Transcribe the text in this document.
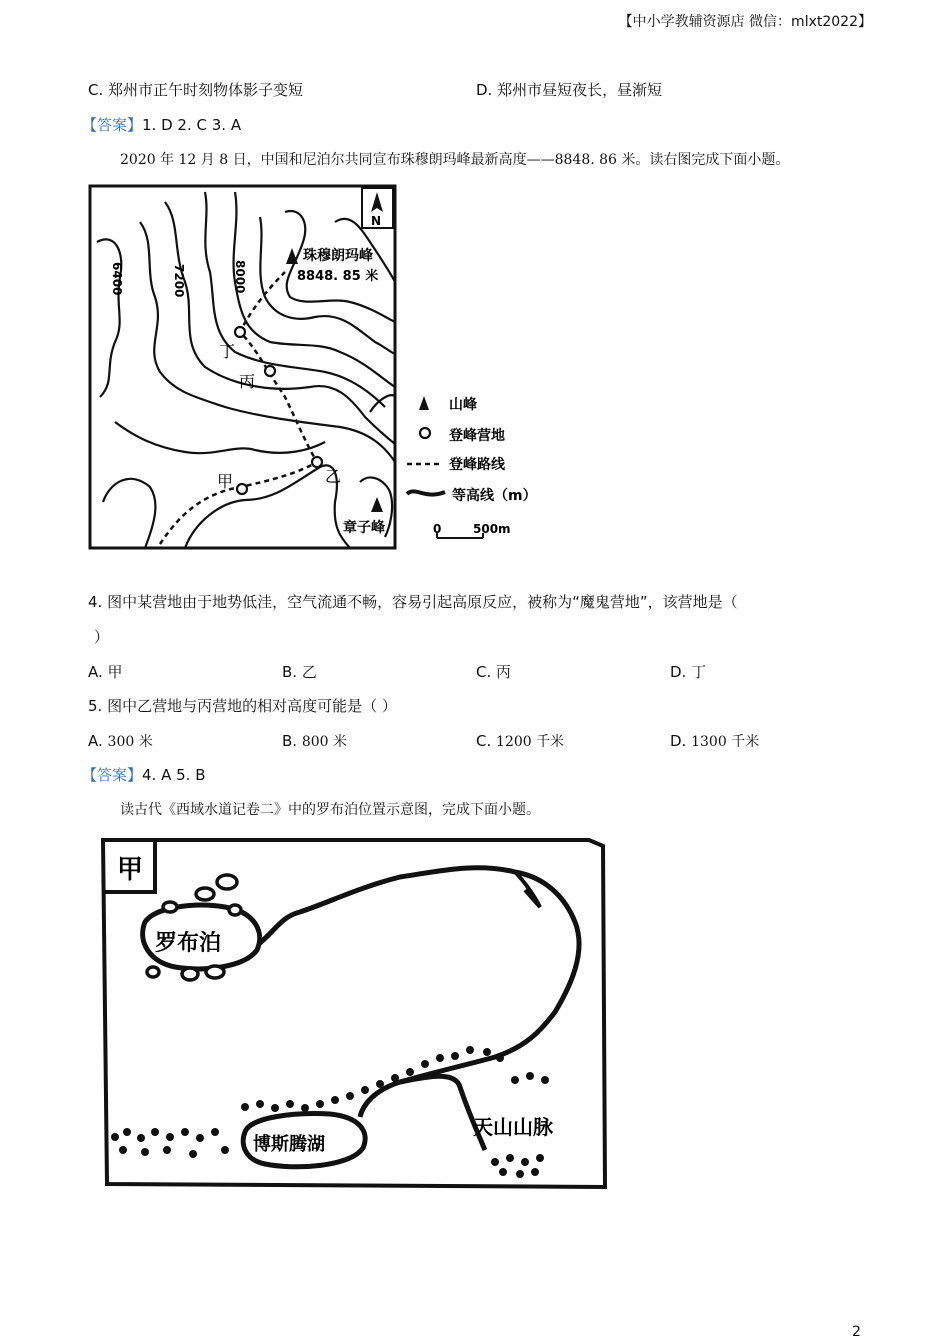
【中小学教辅资源店 微信：mlxt2022】
C. 郑州市正午时刻物体影子变短	D. 郑州市昼短夜长，昼渐短
【答案】1. D 2. C 3. A
2020 年 12 月 8 日，中国和尼泊尔共同宣布珠穆朗玛峰最新高度——8848. 86 米。读右图完成下面小题。
N
6400	7200	8000
珠穆朗玛峰
8848. 85 米
丁
丙
乙
甲
章子峰
山峰
登峰营地
登峰路线
等高线（m）
0	500m
4. 图中某营地由于地势低洼，空气流通不畅，容易引起高原反应，被称为“魔鬼营地”，该营地是（
）
A. 甲	B. 乙	C. 丙	D. 丁
5. 图中乙营地与丙营地的相对高度可能是（ ）
A. 300 米	B. 800 米	C. 1200 千米	D. 1300 千米
【答案】4. A 5. B
读古代《西域水道记卷二》中的罗布泊位置示意图，完成下面小题。
甲
罗布泊
博斯腾湖
天山山脉
2
